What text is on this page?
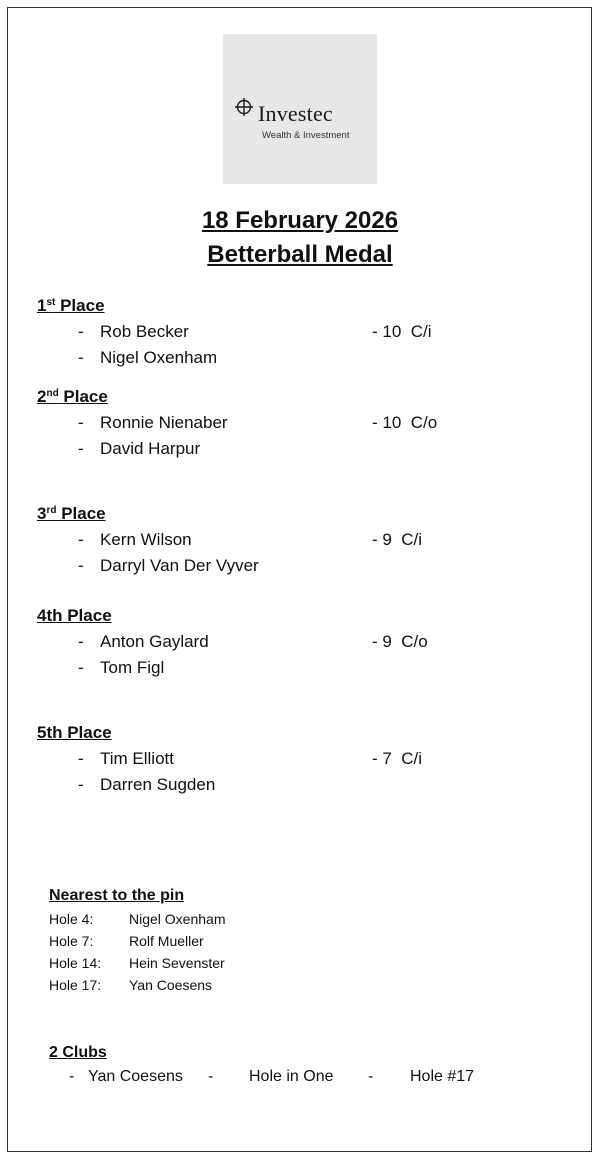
Investec
Wealth & Investment
18 February 2026
Betterball Medal
1st Place
- Rob Becker	- 10  C/i
- Nigel Oxenham
2nd Place
- Ronnie Nienaber	- 10  C/o
- David Harpur
3rd Place
- Kern Wilson	- 9  C/i
- Darryl Van Der Vyver
4th Place
- Anton Gaylard	- 9  C/o
- Tom Figl
5th Place
- Tim Elliott	- 7  C/i
- Darren Sugden
Nearest to the pin
Hole 4:	Nigel Oxenham
Hole 7:	Rolf Mueller
Hole 14: Hein Sevenster
Hole 17: Yan Coesens
2 Clubs
- Yan Coesens - Hole in One - Hole #17
